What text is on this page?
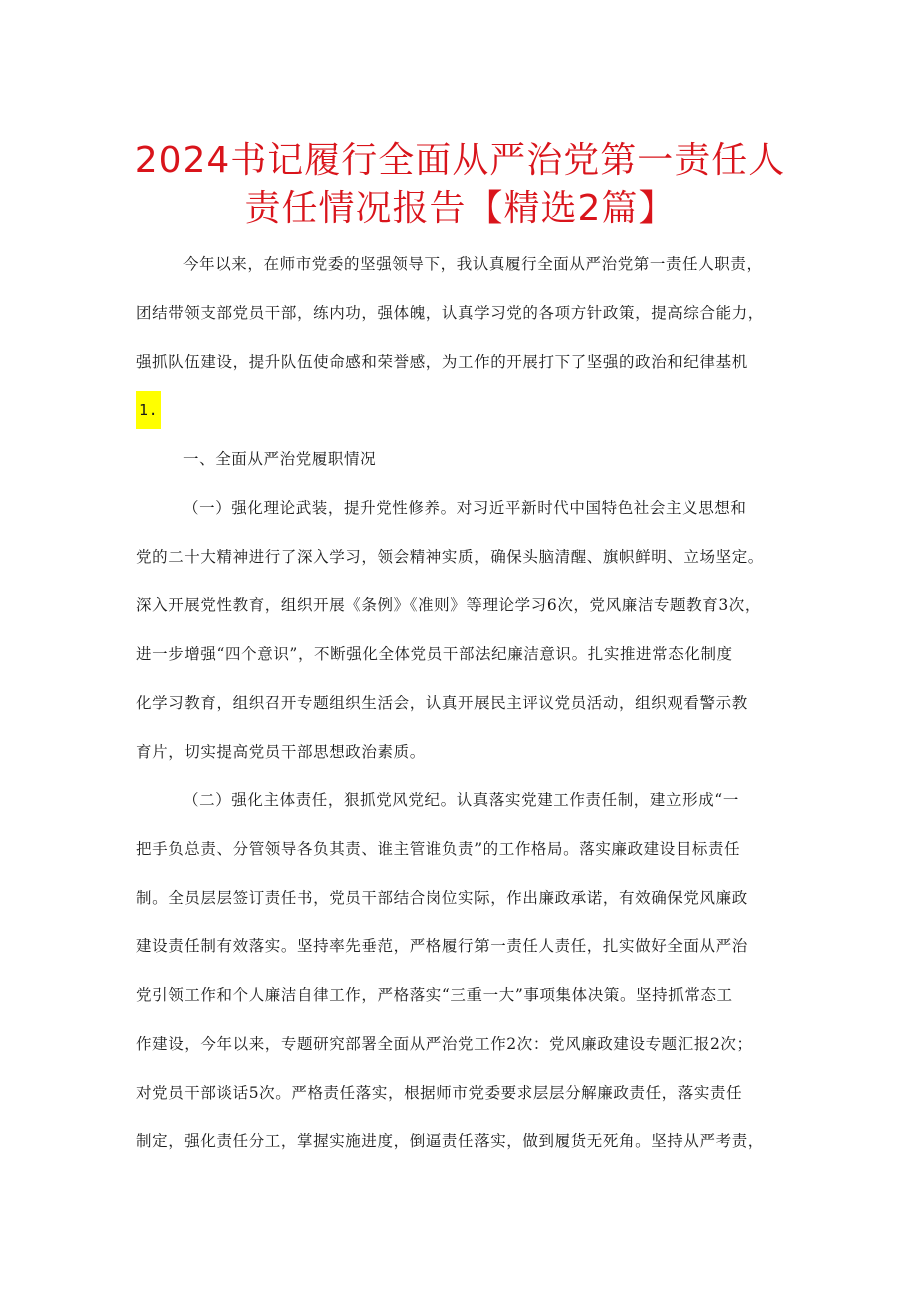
2024书记履行全面从严治党第一责任人
责任情况报告【精选2篇】
今年以来，在师市党委的坚强领导下，我认真履行全面从严治党第一责任人职责，
团结带领支部党员干部，练内功，强体魄，认真学习党的各项方针政策，提高综合能力，
强抓队伍建设，提升队伍使命感和荣誉感，为工作的开展打下了坚强的政治和纪律基机
1.
一、全面从严治党履职情况
（一）强化理论武装，提升党性修养。对习近平新时代中国特色社会主义思想和
党的二十大精神进行了深入学习，领会精神实质，确保头脑清醒、旗帜鲜明、立场坚定。
深入开展党性教育，组织开展《条例》《准则》等理论学习6次，党风廉洁专题教育3次，
进一步增强“四个意识”，不断强化全体党员干部法纪廉洁意识。扎实推进常态化制度
化学习教育，组织召开专题组织生活会，认真开展民主评议党员活动，组织观看警示教
育片，切实提高党员干部思想政治素质。
（二）强化主体责任，狠抓党风党纪。认真落实党建工作责任制，建立形成“一
把手负总责、分管领导各负其责、谁主管谁负责”的工作格局。落实廉政建设目标责任
制。全员层层签订责任书，党员干部结合岗位实际，作出廉政承诺，有效确保党风廉政
建设责任制有效落实。坚持率先垂范，严格履行第一责任人责任，扎实做好全面从严治
党引领工作和个人廉洁自律工作，严格落实“三重一大”事项集体决策。坚持抓常态工
作建设，今年以来，专题研究部署全面从严治党工作2次：党风廉政建设专题汇报2次；
对党员干部谈话5次。严格责任落实，根据师市党委要求层层分解廉政责任，落实责任
制定，强化责任分工，掌握实施进度，倒逼责任落实，做到履货无死角。坚持从严考责，
